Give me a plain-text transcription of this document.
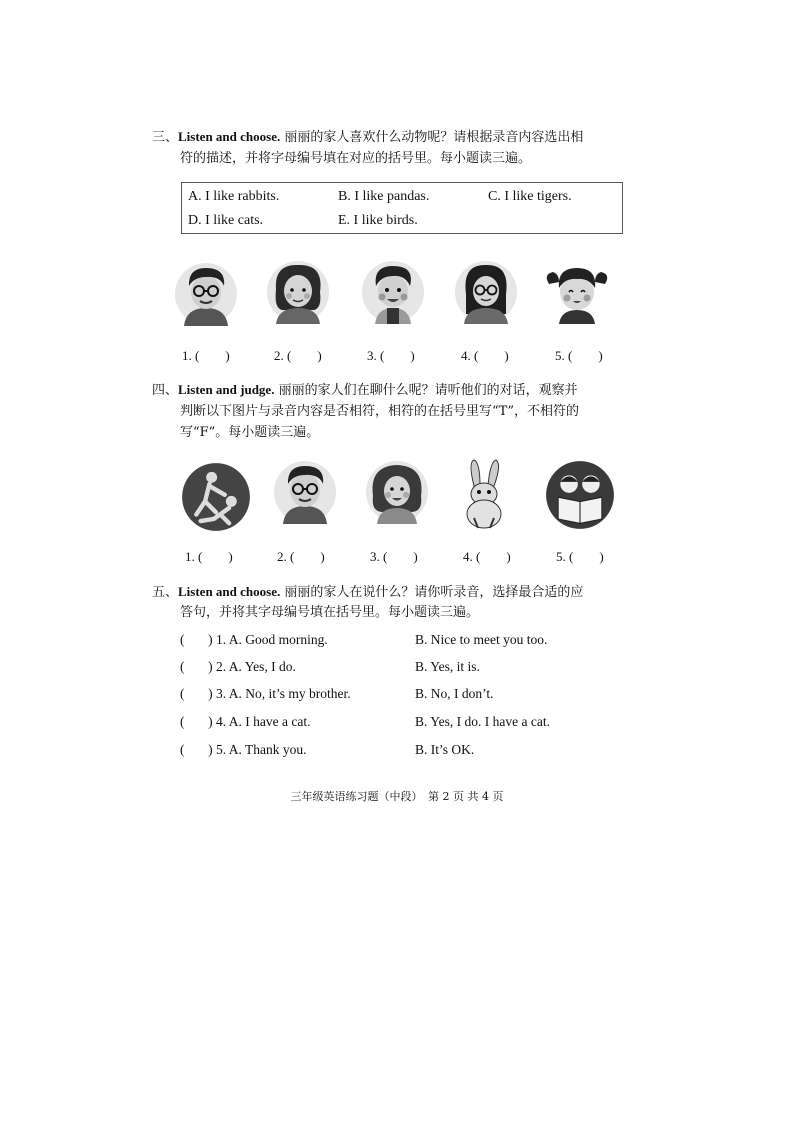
三、Listen and choose. 丽丽的家人喜欢什么动物呢？请根据录音内容选出相
符的描述，并将字母编号填在对应的括号里。每小题读三遍。
A. I like rabbits.	B. I like pandas.	C. I like tigers.
D. I like cats.	E. I like birds.
1. (        )	2. (        )	3. (        )	4. (        )	5. (        )
四、Listen and judge. 丽丽的家人们在聊什么呢？请听他们的对话，观察并
判断以下图片与录音内容是否相符，相符的在括号里写“T”，不相符的
写“F”。每小题读三遍。
1. (        )	2. (        )	3. (        )	4. (        )	5. (        )
五、Listen and choose. 丽丽的家人在说什么？请你听录音，选择最合适的应
答句，并将其字母编号填在括号里。每小题读三遍。
(       ) 1. A. Good morning.	B. Nice to meet you too.
(       ) 2. A. Yes, I do.	B. Yes, it is.
(       ) 3. A. No, it’s my brother.	B. No, I don’t.
(       ) 4. A. I have a cat.	B. Yes, I do. I have a cat.
(       ) 5. A. Thank you.	B. It’s OK.
三年级英语练习题（中段）　第 2 页 共 4 页
